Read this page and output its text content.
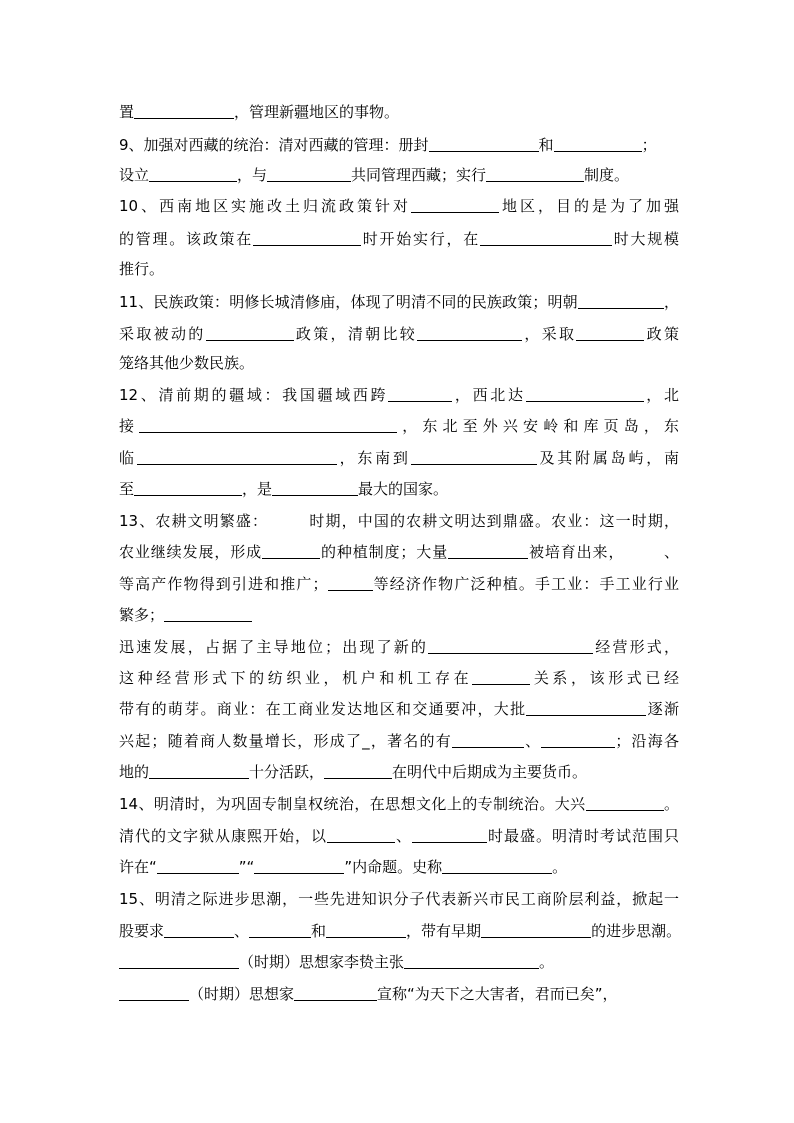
置	，管理新疆地区的事物。
9、加强对西藏的统治：清对西藏的管理：册封	和	；
设立	，与	共同管理西藏；实行	制度。
10、西南地区实施改土归流政策针对	地区，目的是为了加强
的管理。该政策在	时开始实行，在	时大规模
推行。
11、民族政策：明修长城清修庙，体现了明清不同的民族政策；明朝	，
采取被动的	政策，清朝比较	，采取	政策
笼络其他少数民族。
12、清前期的疆域：我国疆域西跨	，西北达	，北
接	，东北至外兴安岭和库页岛，东
临	，东南到	及其附属岛屿，南
至	，是	最大的国家。
13、农耕文明繁盛：       时期，中国的农耕文明达到鼎盛。农业：这一时期，
农业继续发展，形成	的种植制度；大量	被培育出来，       、
等高产作物得到引进和推广；	等经济作物广泛种植。手工业：手工业行业
繁多；
迅速发展，占据了主导地位；出现了新的	经营形式，
这种经营形式下的纺织业，机户和机工存在	关系，该形式已经
带有的萌芽。商业：在工商业发达地区和交通要冲，大批	逐渐
兴起；随着商人数量增长，形成了_，著名的有	、	；沿海各
地的	十分活跃，	在明代中后期成为主要货币。
14、明清时，为巩固专制皇权统治，在思想文化上的专制统治。大兴	。
清代的文字狱从康熙开始，以	、	时最盛。明清时考试范围只
许在“	”“	”内命题。史称	。
15、明清之际进步思潮，一些先进知识分子代表新兴市民工商阶层利益，掀起一
股要求	、	和	，带有早期	的进步思潮。
（时期）思想家李贽主张	。
（时期）思想家	宣称“为天下之大害者，君而已矣”，
